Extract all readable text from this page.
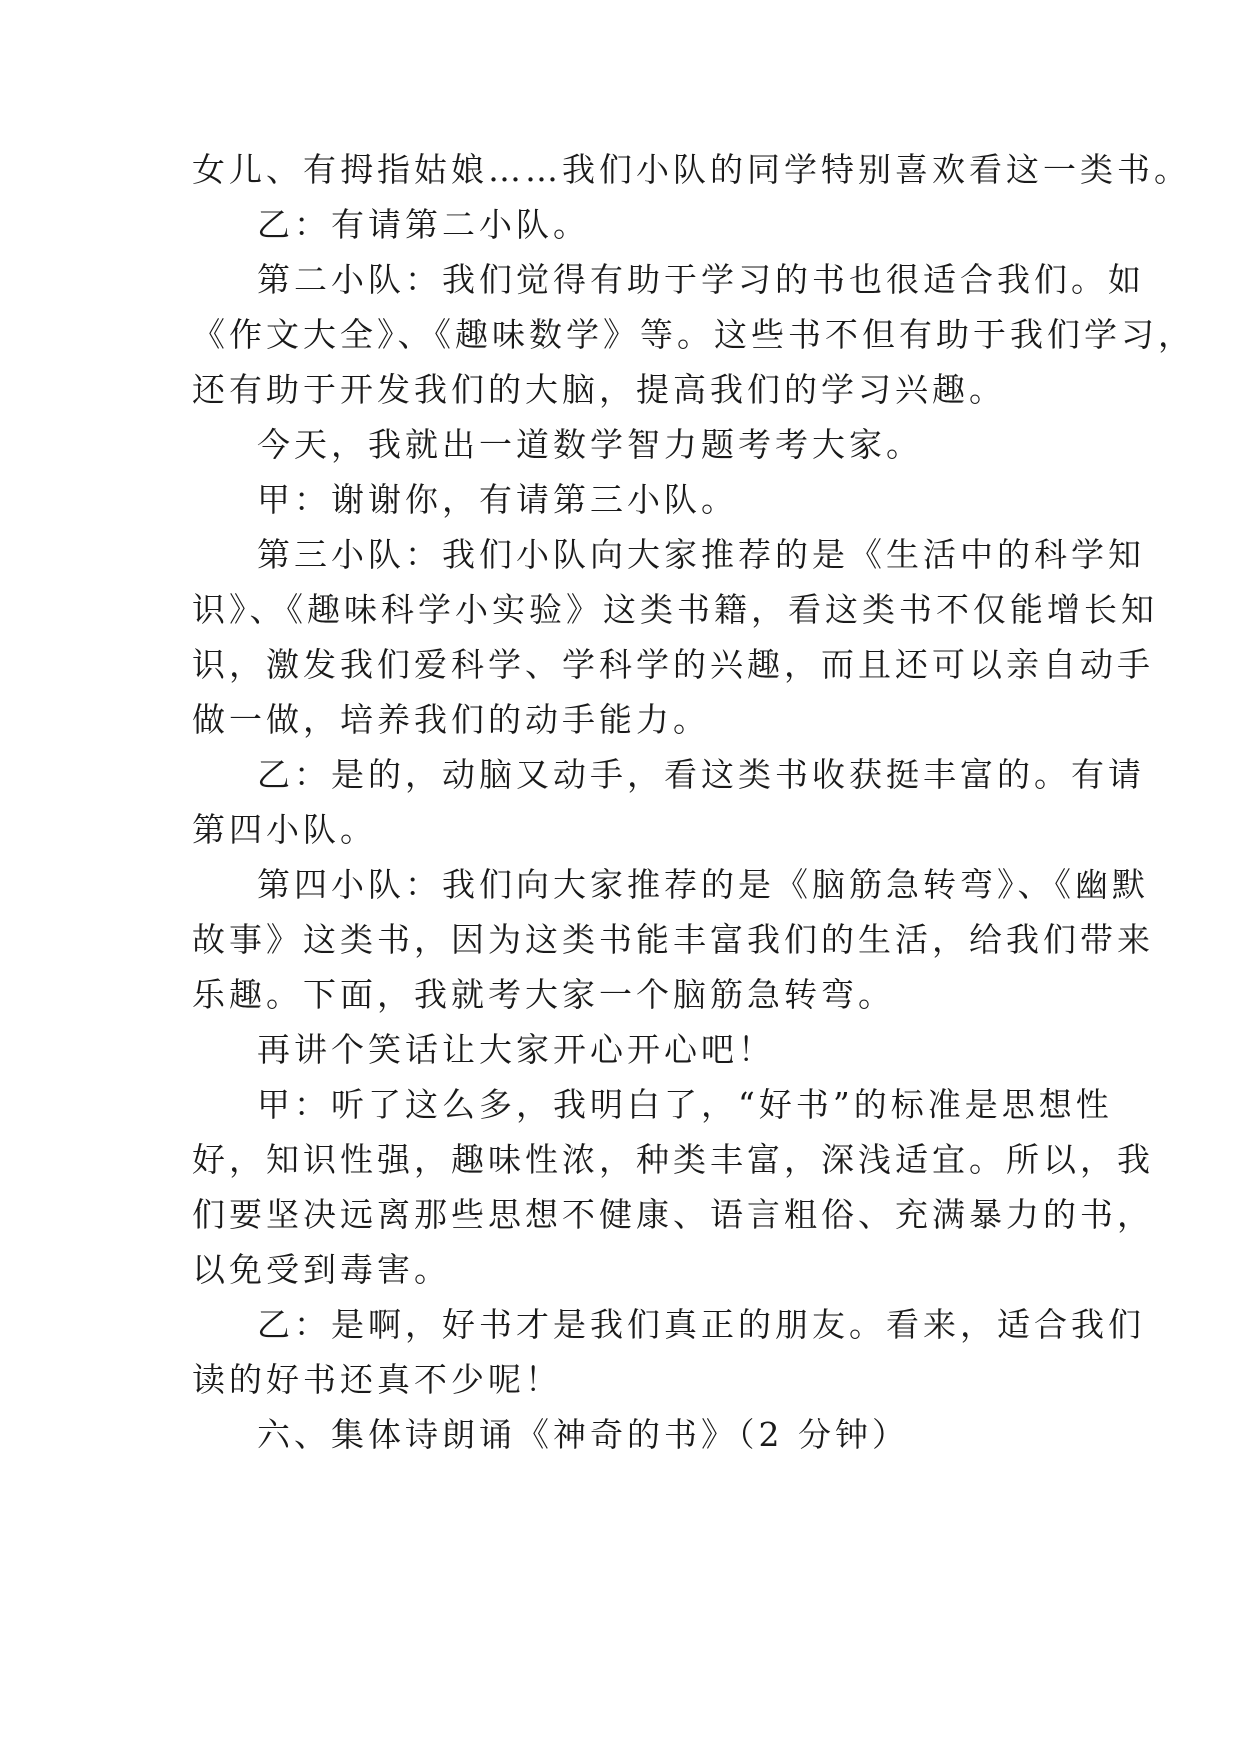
女儿、有拇指姑娘……我们小队的同学特别喜欢看这一类书。
乙：有请第二小队。
第二小队：我们觉得有助于学习的书也很适合我们。如
《作文大全》、《趣味数学》等。这些书不但有助于我们学习，
还有助于开发我们的大脑，提高我们的学习兴趣。
今天，我就出一道数学智力题考考大家。
甲：谢谢你，有请第三小队。
第三小队：我们小队向大家推荐的是《生活中的科学知
识》、《趣味科学小实验》这类书籍，看这类书不仅能增长知
识，激发我们爱科学、学科学的兴趣，而且还可以亲自动手
做一做，培养我们的动手能力。
乙：是的，动脑又动手，看这类书收获挺丰富的。有请
第四小队。
第四小队：我们向大家推荐的是《脑筋急转弯》、《幽默
故事》这类书，因为这类书能丰富我们的生活，给我们带来
乐趣。下面，我就考大家一个脑筋急转弯。
再讲个笑话让大家开心开心吧！
甲：听了这么多，我明白了，“好书”的标准是思想性
好，知识性强，趣味性浓，种类丰富，深浅适宜。所以，我
们要坚决远离那些思想不健康、语言粗俗、充满暴力的书，
以免受到毒害。
乙：是啊，好书才是我们真正的朋友。看来，适合我们
读的好书还真不少呢！
六、集体诗朗诵《神奇的书》（2 分钟）
